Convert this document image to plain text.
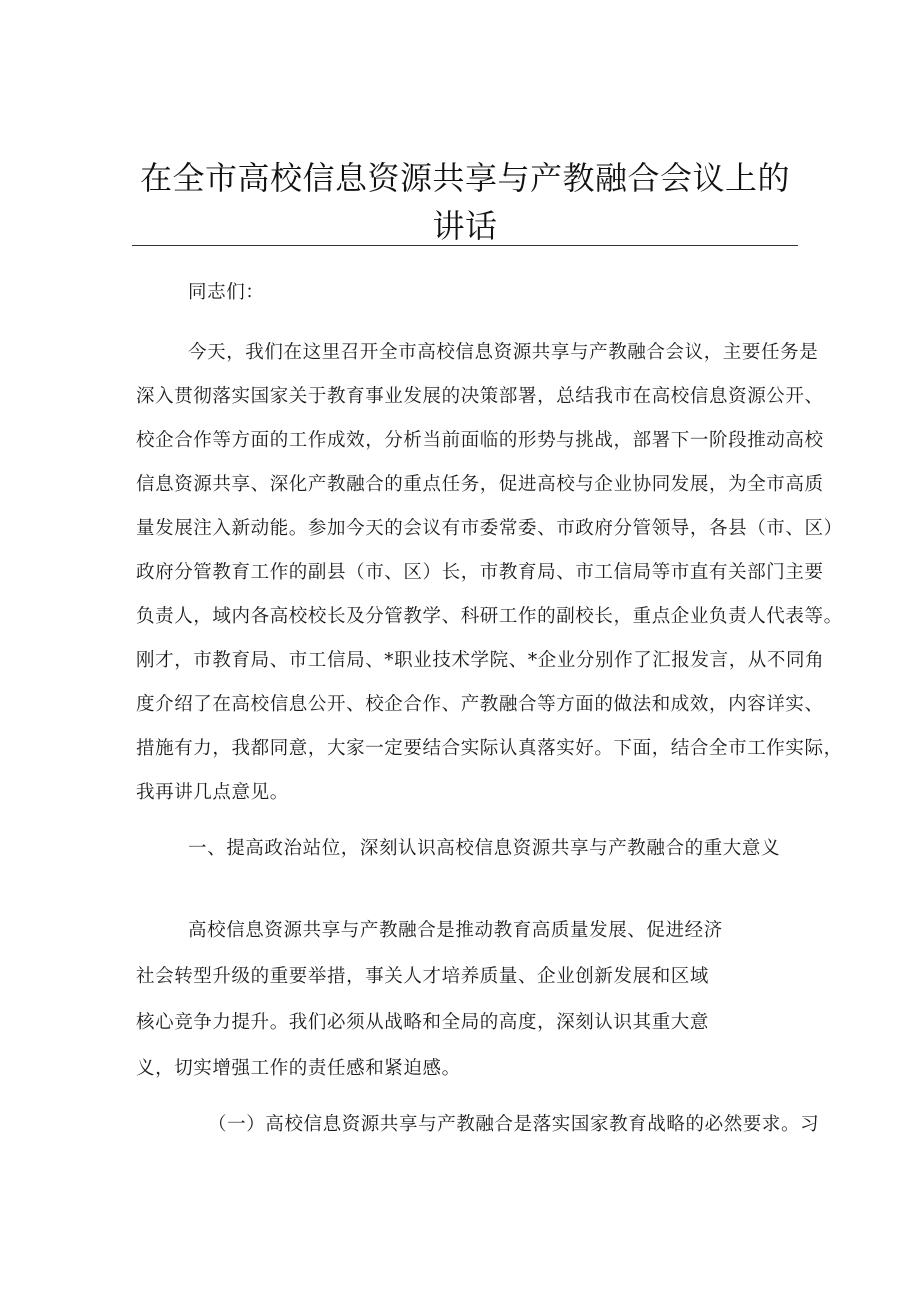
在全市高校信息资源共享与产教融合会议上的
讲话
同志们：
今天，我们在这里召开全市高校信息资源共享与产教融合会议，主要任务是
深入贯彻落实国家关于教育事业发展的决策部署，总结我市在高校信息资源公开、
校企合作等方面的工作成效，分析当前面临的形势与挑战，部署下一阶段推动高校
信息资源共享、深化产教融合的重点任务，促进高校与企业协同发展，为全市高质
量发展注入新动能。参加今天的会议有市委常委、市政府分管领导，各县（市、区）
政府分管教育工作的副县（市、区）长，市教育局、市工信局等市直有关部门主要
负责人，域内各高校校长及分管教学、科研工作的副校长，重点企业负责人代表等。
刚才，市教育局、市工信局、*职业技术学院、*企业分别作了汇报发言，从不同角
度介绍了在高校信息公开、校企合作、产教融合等方面的做法和成效，内容详实、
措施有力，我都同意，大家一定要结合实际认真落实好。下面，结合全市工作实际，
我再讲几点意见。
一、提高政治站位，深刻认识高校信息资源共享与产教融合的重大意义
高校信息资源共享与产教融合是推动教育高质量发展、促进经济
社会转型升级的重要举措，事关人才培养质量、企业创新发展和区域
核心竞争力提升。我们必须从战略和全局的高度，深刻认识其重大意
义，切实增强工作的责任感和紧迫感。
（一）高校信息资源共享与产教融合是落实国家教育战略的必然要求。习
